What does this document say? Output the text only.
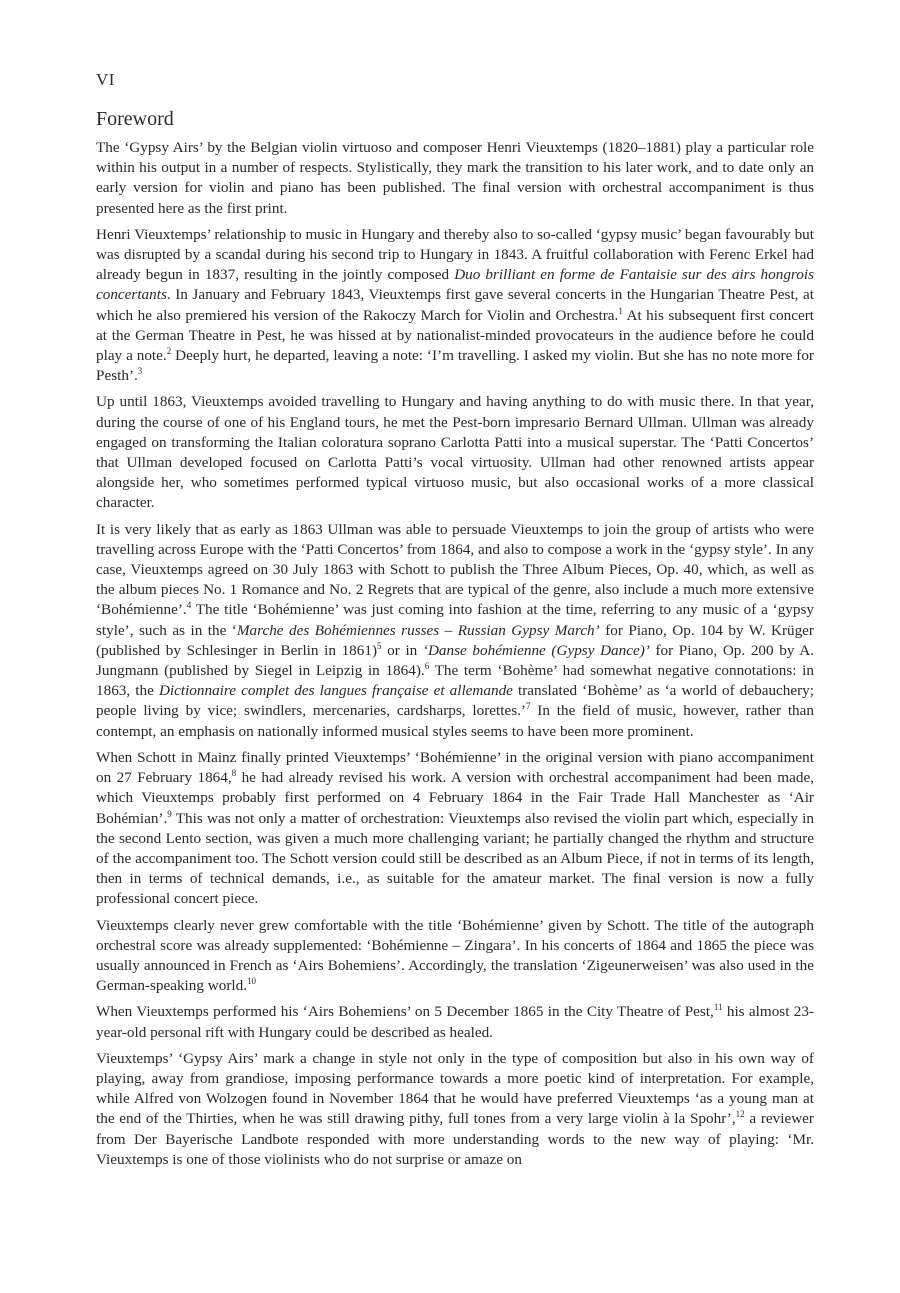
VI
Foreword

The ‘Gypsy Airs’ by the Belgian violin virtuoso and composer Henri Vieuxtemps (1820–1881) play a particular role within his output in a number of respects. Stylistically, they mark the transition to his later work, and to date only an early version for violin and piano has been published. The final version with orchestral accompaniment is thus presented here as the first print.

Henri Vieuxtemps’ relationship to music in Hungary and thereby also to so-called ‘gypsy music’ began favourably but was disrupted by a scandal during his second trip to Hungary in 1843. A fruitful collaboration with Ferenc Erkel had already begun in 1837, resulting in the jointly composed Duo brilliant en forme de Fantaisie sur des airs hongrois concertants. In January and February 1843, Vieuxtemps first gave several concerts in the Hungarian Theatre Pest, at which he also premiered his version of the Rakoczy March for Violin and Orchestra.$^1$ At his subsequent first concert at the German Theatre in Pest, he was hissed at by nationalist-minded provocateurs in the audience before he could play a note.$^2$ Deeply hurt, he departed, leaving a note: ‘I’m travelling. I asked my violin. But she has no note more for Pesth’.$^3$

Up until 1863, Vieuxtemps avoided travelling to Hungary and having anything to do with music there. In that year, during the course of one of his England tours, he met the Pest-born impresario Bernard Ullman. Ullman was already engaged on transforming the Italian coloratura soprano Carlotta Patti into a musical superstar. The ‘Patti Concertos’ that Ullman developed focused on Carlotta Patti’s vocal virtuosity. Ullman had other renowned artists appear alongside her, who sometimes performed typical virtuoso music, but also occasional works of a more classical character.

It is very likely that as early as 1863 Ullman was able to persuade Vieuxtemps to join the group of artists who were travelling across Europe with the ‘Patti Concertos’ from 1864, and also to compose a work in the ‘gypsy style’. In any case, Vieuxtemps agreed on 30 July 1863 with Schott to publish the Three Album Pieces, Op. 40, which, as well as the album pieces No. 1 Romance and No. 2 Regrets that are typical of the genre, also include a much more extensive ‘Bohémienne’.$^4$ The title ‘Bohémienne’ was just coming into fashion at the time, referring to any music of a ‘gypsy style’, such as in the ‘Marche des Bohémiennes russes – Russian Gypsy March’ for Piano, Op. 104 by W. Krüger (published by Schlesinger in Berlin in 1861)$^5$ or in ‘Danse bohémienne (Gypsy Dance)’ for Piano, Op. 200 by A. Jungmann (published by Siegel in Leipzig in 1864).$^6$ The term ‘Bohème’ had somewhat negative connotations: in 1863, the Dictionnaire complet des langues française et allemande translated ‘Bohème’ as ‘a world of debauchery; people living by vice; swindlers, mercenaries, cardsharps, lorettes.’$^7$ In the field of music, however, rather than contempt, an emphasis on nationally informed musical styles seems to have been more prominent.

When Schott in Mainz finally printed Vieuxtemps’ ‘Bohémienne’ in the original version with piano accompaniment on 27 February 1864,$^8$ he had already revised his work. A version with orchestral accompaniment had been made, which Vieuxtemps probably first performed on 4 February 1864 in the Fair Trade Hall Manchester as ‘Air Bohémian’.$^9$ This was not only a matter of orchestration: Vieuxtemps also revised the violin part which, especially in the second Lento section, was given a much more challenging variant; he partially changed the rhythm and structure of the accompaniment too. The Schott version could still be described as an Album Piece, if not in terms of its length, then in terms of technical demands, i.e., as suitable for the amateur market. The final version is now a fully professional concert piece.

Vieuxtemps clearly never grew comfortable with the title ‘Bohémienne’ given by Schott. The title of the autograph orchestral score was already supplemented: ‘Bohémienne – Zingara’. In his concerts of 1864 and 1865 the piece was usually announced in French as ‘Airs Bohemiens’. Accordingly, the translation ‘Zigeunerweisen’ was also used in the German-speaking world.$^{10}$

When Vieuxtemps performed his ‘Airs Bohemiens’ on 5 December 1865 in the City Theatre of Pest,$^{11}$ his almost 23-year-old personal rift with Hungary could be described as healed.

Vieuxtemps’ ‘Gypsy Airs’ mark a change in style not only in the type of composition but also in his own way of playing, away from grandiose, imposing performance towards a more poetic kind of interpretation. For example, while Alfred von Wolzogen found in November 1864 that he would have preferred Vieuxtemps ‘as a young man at the end of the Thirties, when he was still drawing pithy, full tones from a very large violin à la Spohr’,$^{12}$ a reviewer from Der Bayerische Landbote responded with more understanding words to the new way of playing: ‘Mr. Vieuxtemps is one of those violinists who do not surprise or amaze on
